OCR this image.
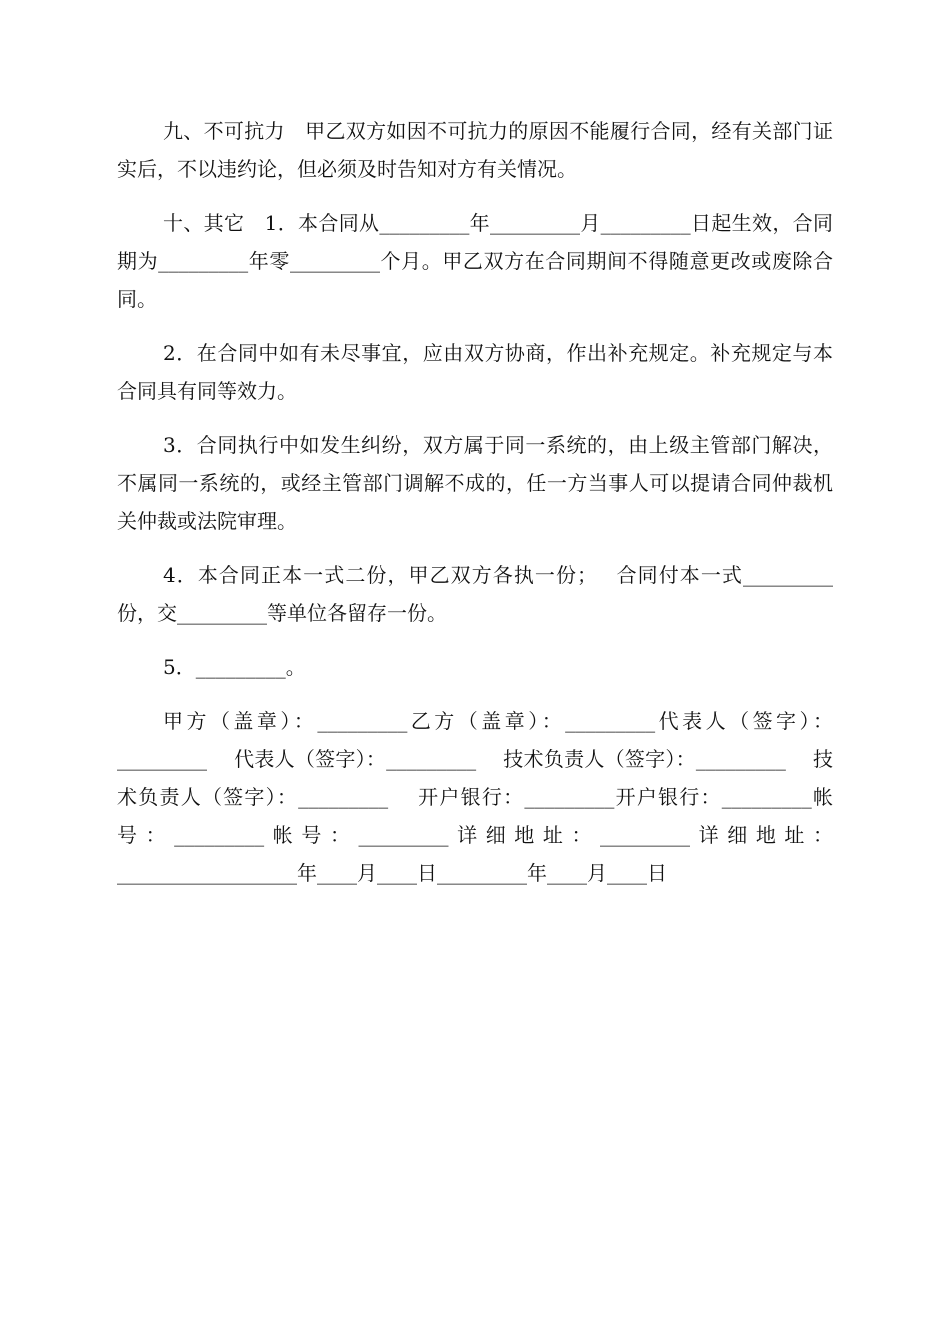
九、不可抗力　甲乙双方如因不可抗力的原因不能履行合同，经有关部门证实后，不以违约论，但必须及时告知对方有关情况。

十、其它　1．本合同从_________年_________月_________日起生效，合同期为_________年零_________个月。甲乙双方在合同期间不得随意更改或废除合同。

2．在合同中如有未尽事宜，应由双方协商，作出补充规定。补充规定与本合同具有同等效力。

3．合同执行中如发生纠纷，双方属于同一系统的，由上级主管部门解决，不属同一系统的，或经主管部门调解不成的，任一方当事人可以提请合同仲裁机关仲裁或法院审理。

4．本合同正本一式二份，甲乙双方各执一份；　 合同付本一式_________份，交_________等单位各留存一份。

5．_________。

甲方（盖章）：_________乙方（盖章）：_________代表人（签字）：_________　 代表人（签字）：_________　 技术负责人（签字）：_________　 技术负责人（签字）：_________　 开户银行：_________开户银行：_________帐号：_________帐号：_________详细地址：_________详细地址：__________________年____月____日_________年____月____日
